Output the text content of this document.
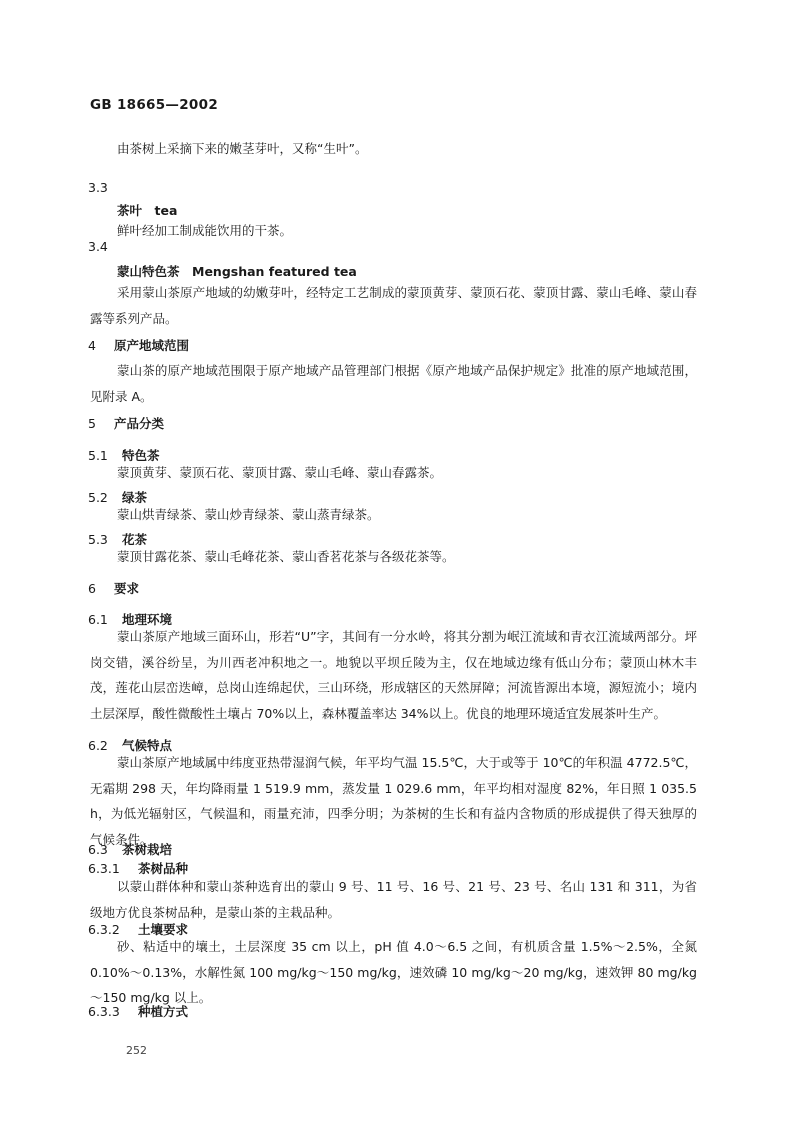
GB 18665—2002
由茶树上采摘下来的嫩茎芽叶，又称“生叶”。
3.3
茶叶　tea
鲜叶经加工制成能饮用的干茶。
3.4
蒙山特色茶　Mengshan featured tea
采用蒙山茶原产地域的幼嫩芽叶，经特定工艺制成的蒙顶黄芽、蒙顶石花、蒙顶甘露、蒙山毛峰、蒙山春露等系列产品。
4 原产地域范围
蒙山茶的原产地域范围限于原产地域产品管理部门根据《原产地域产品保护规定》批准的原产地域范围，见附录 A。
5 产品分类
5.1 特色茶
蒙顶黄芽、蒙顶石花、蒙顶甘露、蒙山毛峰、蒙山春露茶。
5.2 绿茶
蒙山烘青绿茶、蒙山炒青绿茶、蒙山蒸青绿茶。
5.3 花茶
蒙顶甘露花茶、蒙山毛峰花茶、蒙山香茗花茶与各级花茶等。
6 要求
6.1 地理环境
蒙山茶原产地域三面环山，形若“U”字，其间有一分水岭，将其分割为岷江流域和青衣江流域两部分。坪岗交错，溪谷纷呈，为川西老冲积地之一。地貌以平坝丘陵为主，仅在地域边缘有低山分布；蒙顶山林木丰茂，莲花山层峦迭嶂，总岗山连绵起伏，三山环绕，形成辖区的天然屏障；河流皆源出本境，源短流小；境内土层深厚，酸性微酸性土壤占 70%以上，森林覆盖率达 34%以上。优良的地理环境适宜发展茶叶生产。
6.2 气候特点
蒙山茶原产地域属中纬度亚热带湿润气候，年平均气温 15.5℃，大于或等于 10℃的年积温 4772.5℃，无霜期 298 天，年均降雨量 1 519.9 mm，蒸发量 1 029.6 mm，年平均相对湿度 82%，年日照 1 035.5 h，为低光辐射区，气候温和，雨量充沛，四季分明；为茶树的生长和有益内含物质的形成提供了得天独厚的气候条件。
6.3 茶树栽培
6.3.1 茶树品种
以蒙山群体种和蒙山茶种选育出的蒙山 9 号、11 号、16 号、21 号、23 号、名山 131 和 311，为省级地方优良茶树品种，是蒙山茶的主栽品种。
6.3.2 土壤要求
砂、粘适中的壤土，土层深度 35 cm 以上，pH 值 4.0～6.5 之间，有机质含量 1.5%～2.5%，全氮 0.10%～0.13%，水解性氮 100 mg/kg～150 mg/kg，速效磷 10 mg/kg～20 mg/kg，速效钾 80 mg/kg～150 mg/kg 以上。
6.3.3 种植方式
252
